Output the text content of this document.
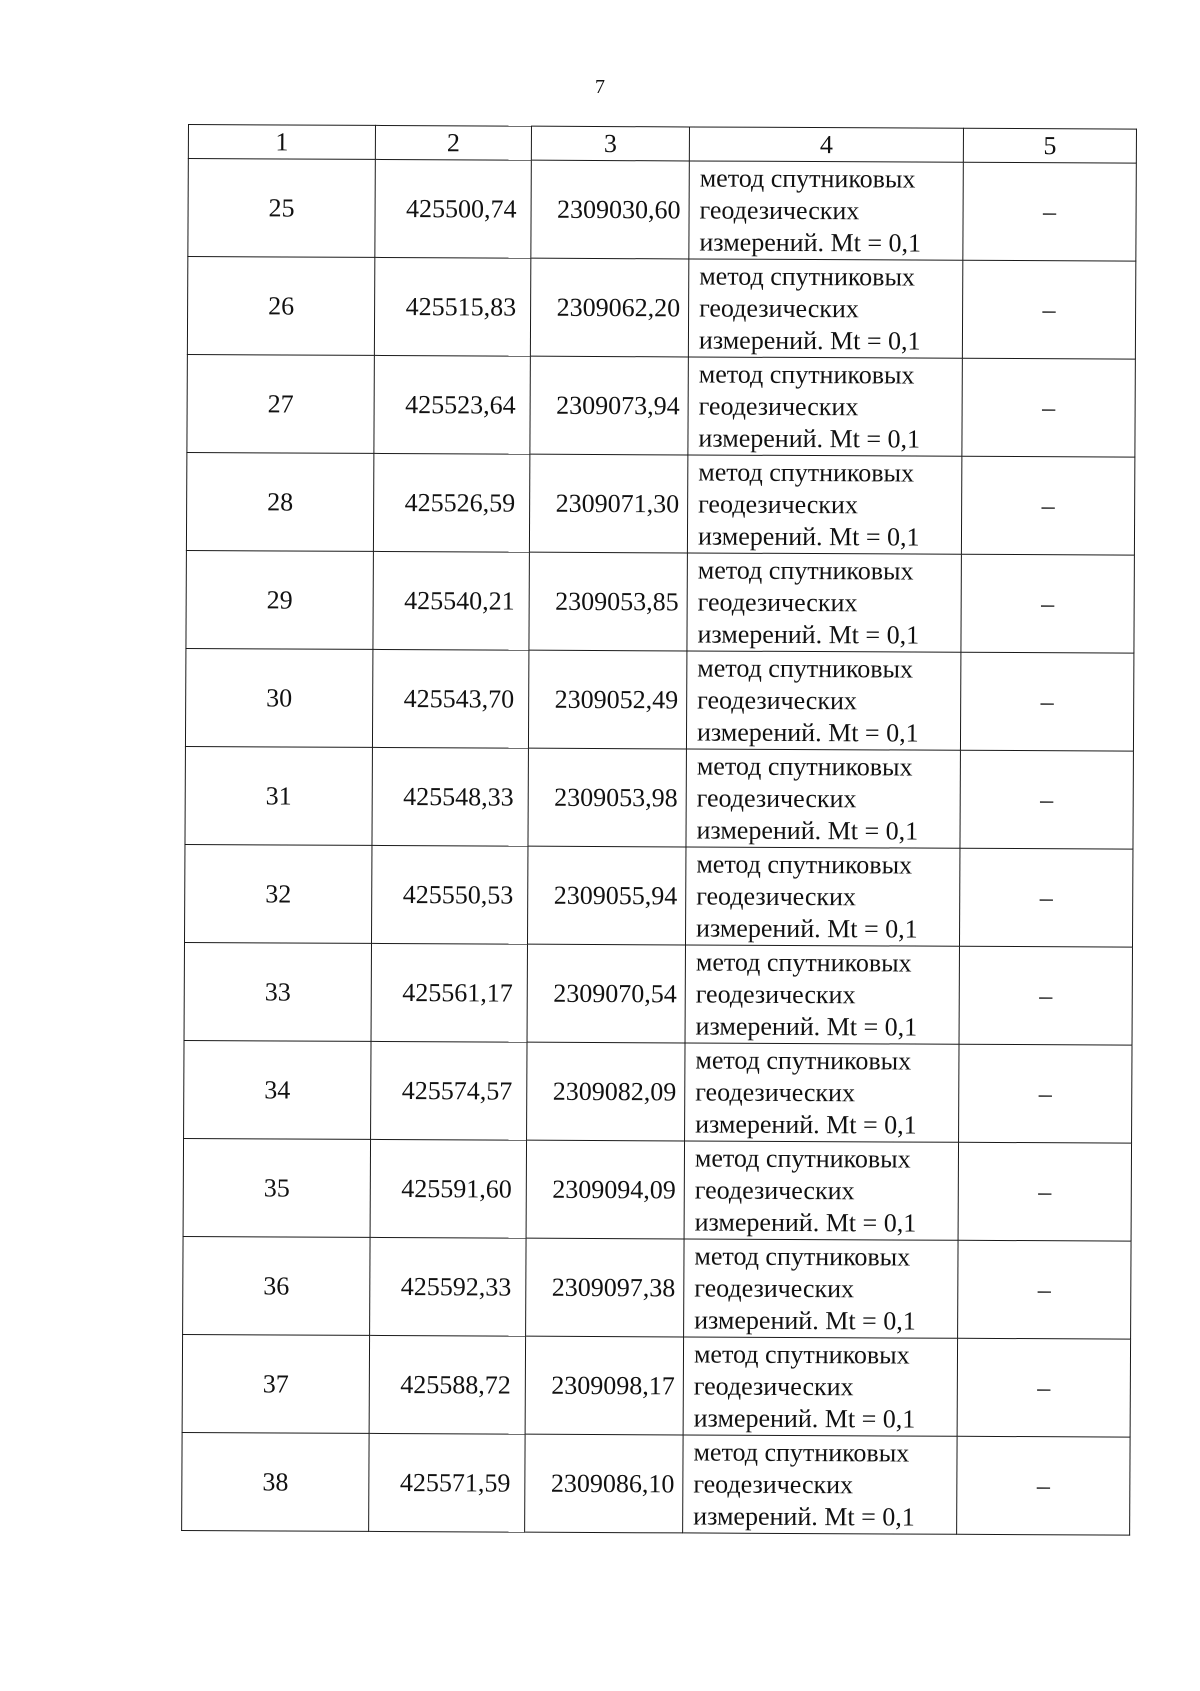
7
1	2	3	4	5
25	425500,74	2309030,60	метод спутниковых
геодезических
измерений. Mt = 0,1	–
26	425515,83	2309062,20	метод спутниковых
геодезических
измерений. Mt = 0,1	–
27	425523,64	2309073,94	метод спутниковых
геодезических
измерений. Mt = 0,1	–
28	425526,59	2309071,30	метод спутниковых
геодезических
измерений. Mt = 0,1	–
29	425540,21	2309053,85	метод спутниковых
геодезических
измерений. Mt = 0,1	–
30	425543,70	2309052,49	метод спутниковых
геодезических
измерений. Mt = 0,1	–
31	425548,33	2309053,98	метод спутниковых
геодезических
измерений. Mt = 0,1	–
32	425550,53	2309055,94	метод спутниковых
геодезических
измерений. Mt = 0,1	–
33	425561,17	2309070,54	метод спутниковых
геодезических
измерений. Mt = 0,1	–
34	425574,57	2309082,09	метод спутниковых
геодезических
измерений. Mt = 0,1	–
35	425591,60	2309094,09	метод спутниковых
геодезических
измерений. Mt = 0,1	–
36	425592,33	2309097,38	метод спутниковых
геодезических
измерений. Mt = 0,1	–
37	425588,72	2309098,17	метод спутниковых
геодезических
измерений. Mt = 0,1	–
38	425571,59	2309086,10	метод спутниковых
геодезических
измерений. Mt = 0,1	–
